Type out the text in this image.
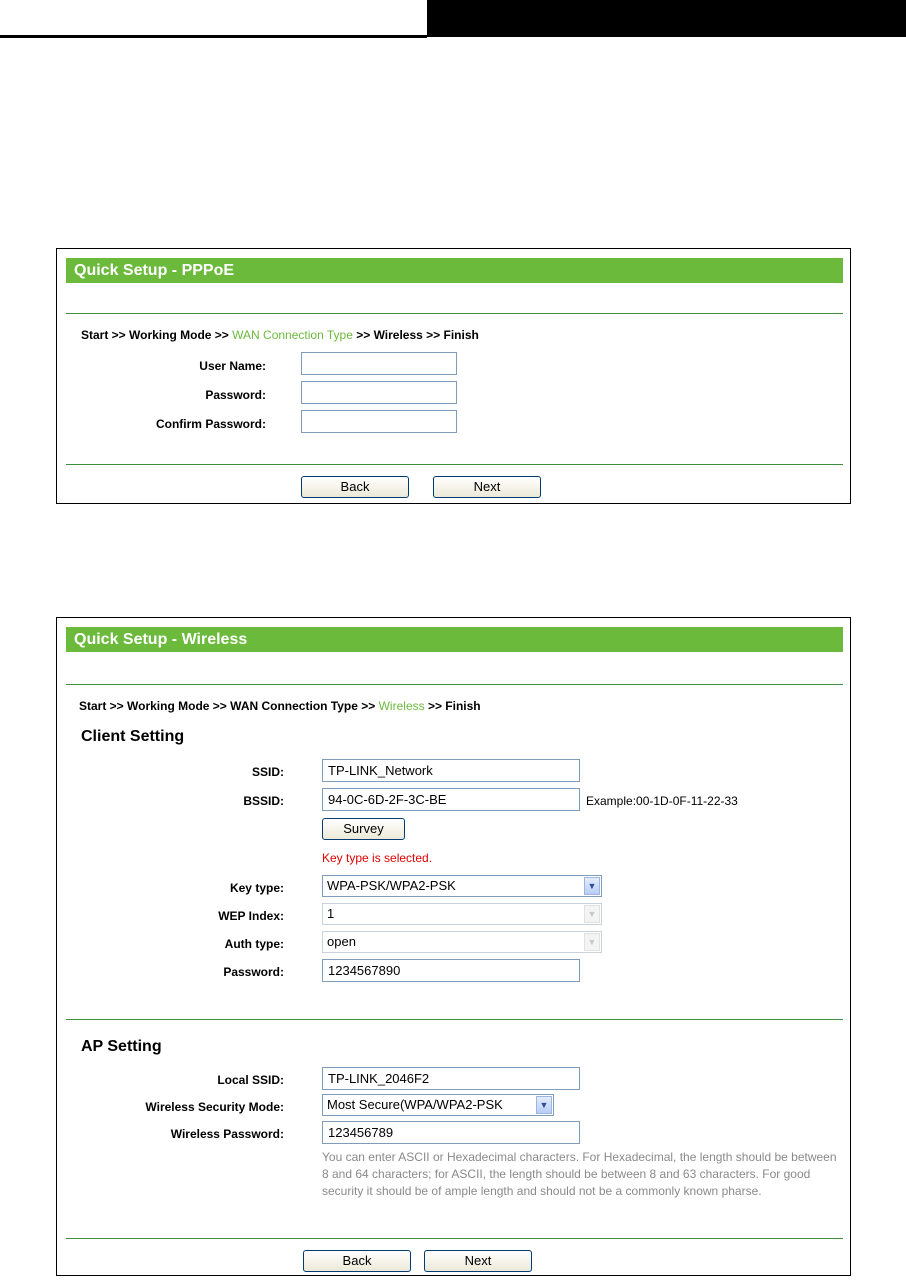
Quick Setup - PPPoE
Start >> Working Mode >> WAN Connection Type >> Wireless >> Finish
User Name:
Password:
Confirm Password:
Back	Next
Quick Setup - Wireless
Start >> Working Mode >> WAN Connection Type >> Wireless >> Finish
Client Setting
SSID:
TP-LINK_Network
BSSID:
94-0C-6D-2F-3C-BE	Example:00-1D-0F-11-22-33
Survey
Key type is selected.
Key type:	WPA-PSK/WPA2-PSK	▼
WEP Index:	1	▼
Auth type:	open	▼
Password:
1234567890
AP Setting
Local SSID:
TP-LINK_2046F2
Wireless Security Mode:	Most Secure(WPA/WPA2-PSK	▼
Wireless Password:
123456789
You can enter ASCII or Hexadecimal characters. For Hexadecimal, the length should be between 8 and 64 characters; for ASCII, the length should be between 8 and 63 characters. For good security it should be of ample length and should not be a commonly known pharse.
Back	Next
